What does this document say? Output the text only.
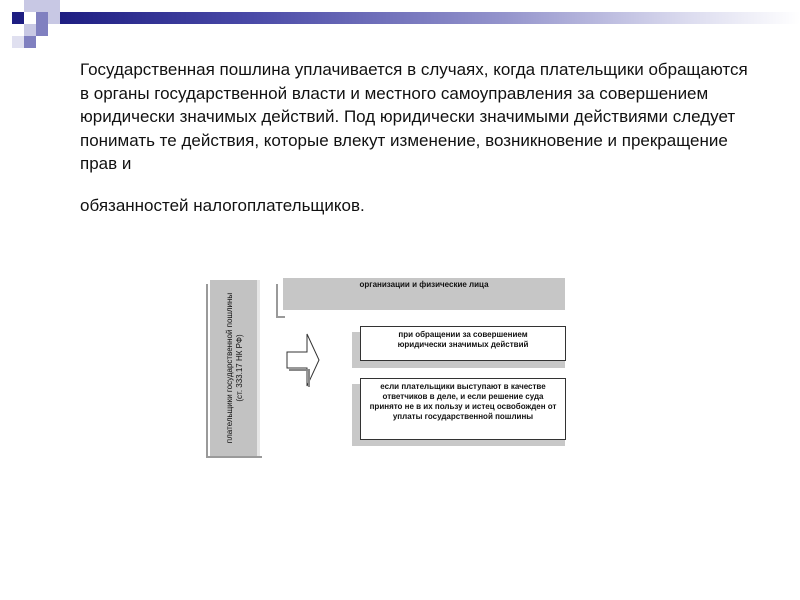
Государственная пошлина уплачивается в случаях, когда плательщики обращаются в органы государственной власти и местного самоуправления за совершением юридически значимых действий. Под юридически значимыми действиями следует понимать те действия, которые влекут изменение, возникновение и прекращение прав и

обязанностей налогоплательщиков.

плательщики государственной пошлины (ст. 333.17 НК РФ)
организации и физические лица
при обращении за совершением юридически значимых действий
если плательщики выступают в качестве ответчиков в деле, и если решение суда принято не в их пользу и истец освобожден от уплаты государственной пошлины
